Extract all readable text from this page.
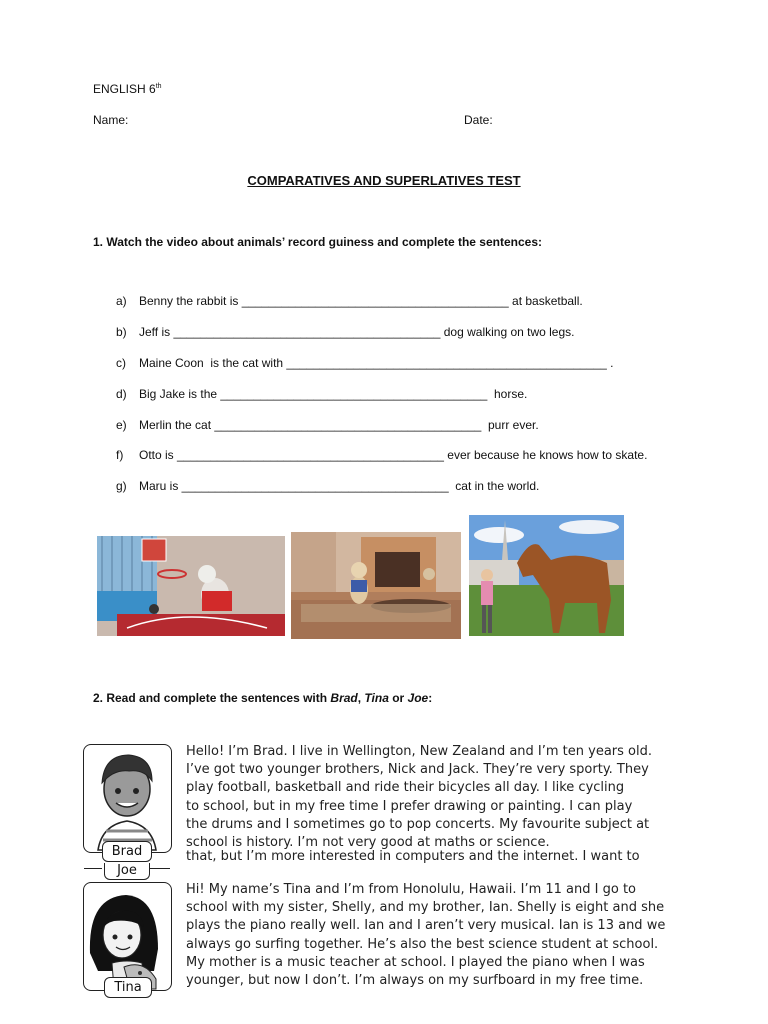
ENGLISH 6th
Name:	Date:
COMPARATIVES AND SUPERLATIVES TEST
1. Watch the video about animals’ record guiness and complete the sentences:
a) Benny the rabbit is ________________________________________ at basketball.
b) Jeff is ________________________________________ dog walking on two legs.
c) Maine Coon  is the cat with ________________________________________________ .
d) Big Jake is the ________________________________________  horse.
e) Merlin the cat ________________________________________  purr ever.
f) Otto is ________________________________________ ever because he knows how to skate.
g) Maru is ________________________________________  cat in the world.
2. Read and complete the sentences with Brad, Tina or Joe:
Brad
Joe
Tina
Hello! I’m Brad. I live in Wellington, New Zealand and I’m ten years old.
I’ve got two younger brothers, Nick and Jack. They’re very sporty. They
play football, basketball and ride their bicycles all day. I like cycling
to school, but in my free time I prefer drawing or painting. I can play
the drums and I sometimes go to pop concerts. My favourite subject at
school is history. I’m not very good at maths or science.
that, but I’m more interested in computers and the internet. I want to
Hi! My name’s Tina and I’m from Honolulu, Hawaii. I’m 11 and I go to
school with my sister, Shelly, and my brother, Ian. Shelly is eight and she
plays the piano really well. Ian and I aren’t very musical. Ian is 13 and we
always go surfing together. He’s also the best science student at school.
My mother is a music teacher at school. I played the piano when I was
younger, but now I don’t. I’m always on my surfboard in my free time.
